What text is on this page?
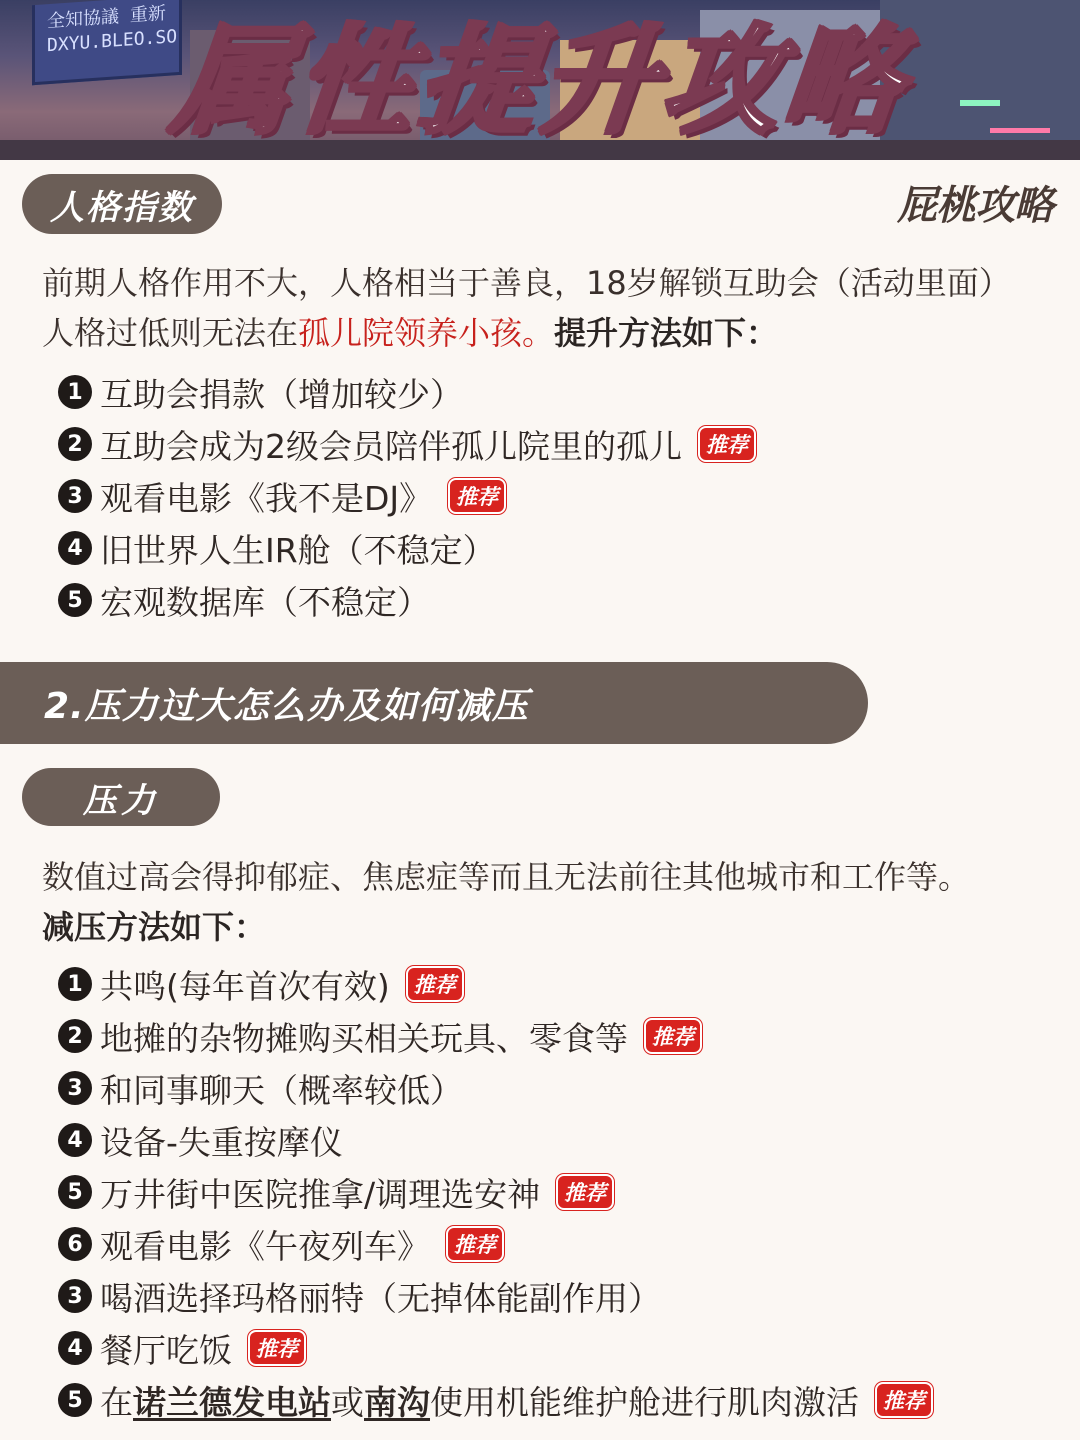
全知協議 重新 DXYU.BLEO.SO
属性提升攻略
人格指数	屁桃攻略

前期人格作用不大，人格相当于善良，18岁解锁互助会（活动里面）人格过低则无法在孤儿院领养小孩。提升方法如下：

1 互助会捐款（增加较少）
2 互助会成为2级会员陪伴孤儿院里的孤儿	推荐
3 观看电影《我不是DJ》	推荐
4 旧世界人生IR舱（不稳定）
5 宏观数据库（不稳定）
2.压力过大怎么办及如何减压
压力

数值过高会得抑郁症、焦虑症等而且无法前往其他城市和工作等。
减压方法如下：

1 共鸣(每年首次有效)	推荐
2 地摊的杂物摊购买相关玩具、零食等	推荐
3 和同事聊天（概率较低）
4 设备-失重按摩仪
5 万井街中医院推拿/调理选安神	推荐
6 观看电影《午夜列车》	推荐
3 喝酒选择玛格丽特（无掉体能副作用）
4 餐厅吃饭	推荐
5 在 诺兰德发电站 或 南沟 使用机能维护舱进行肌肉激活	推荐
